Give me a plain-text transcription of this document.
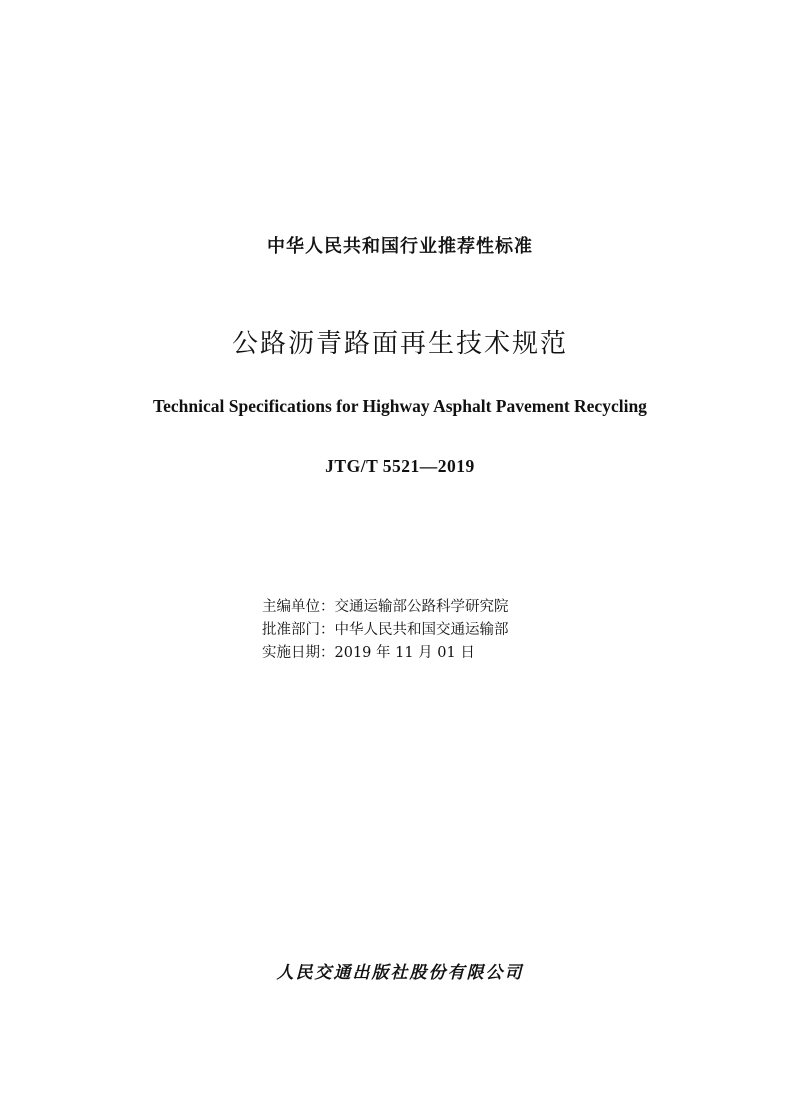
中华人民共和国行业推荐性标准
公路沥青路面再生技术规范
Technical Specifications for Highway Asphalt Pavement Recycling
JTG/T 5521—2019
主编单位：交通运输部公路科学研究院
批准部门：中华人民共和国交通运输部
实施日期：2019 年 11 月 01 日
人民交通出版社股份有限公司
